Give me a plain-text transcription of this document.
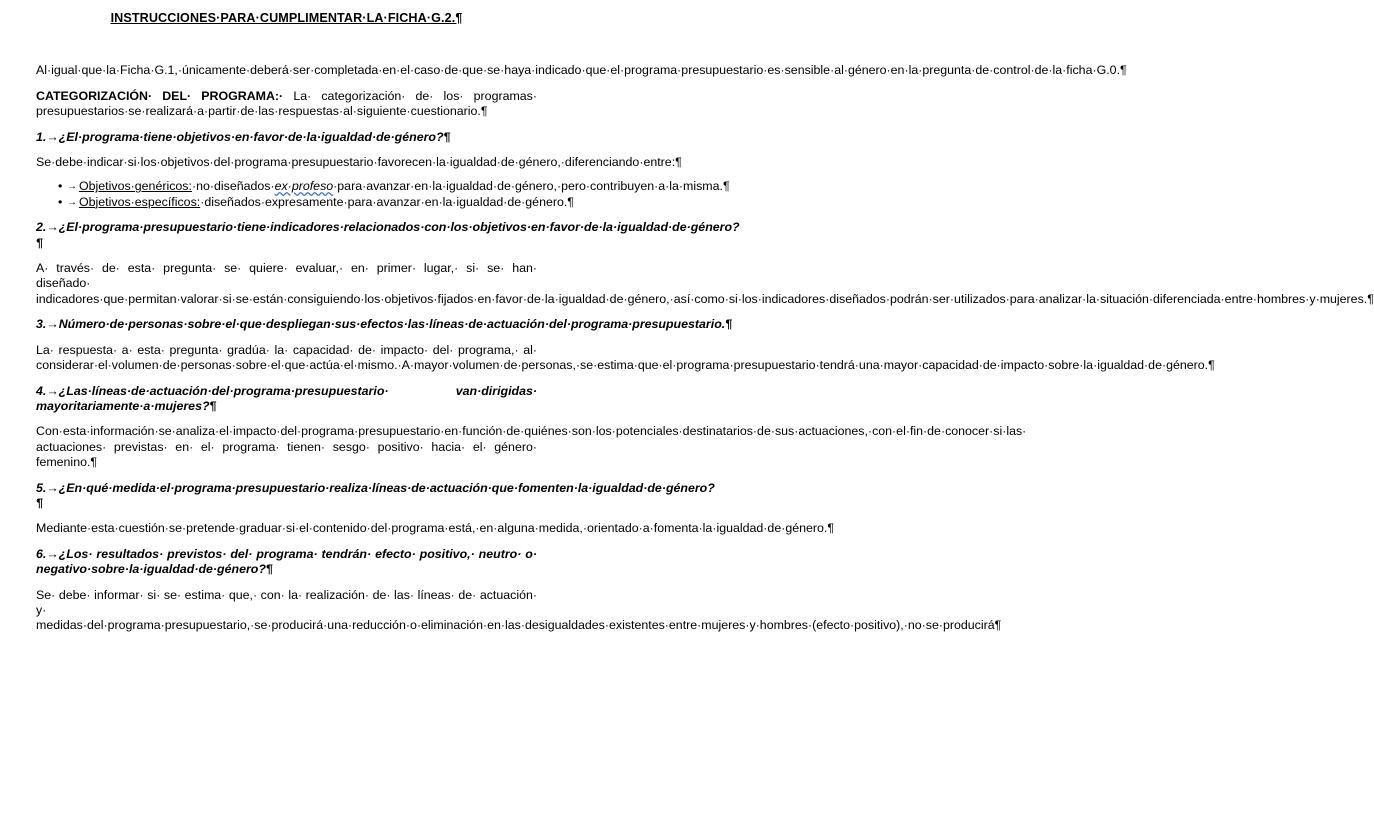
INSTRUCCIONES·PARA·CUMPLIMENTAR·LA·FICHA·G.2.¶

Al·igual·que·la·Ficha·G.1,·únicamente·deberá·ser·completada·en·el·caso·de·que·se·haya·indicado·que·el·programa·presupuestario·es·sensible·al·género·en·la·pregunta·de·control·de·la·ficha·G.0.¶

CATEGORIZACIÓN· DEL· PROGRAMA:· La· categorización· de· los· programas· presupuestarios·se·realizará·a·partir·de·las·respuestas·al·siguiente·cuestionario.¶

1.→¿El·programa·tiene·objetivos·en·favor·de·la·igualdad·de·género?¶

Se·debe·indicar·si·los·objetivos·del·programa·presupuestario·favorecen·la·igualdad·de·género,·diferenciando·entre:¶

• → Objetivos·genéricos:·no·diseñados·ex·profeso·para·avanzar·en·la·igualdad·de·género,·pero·contribuyen·a·la·misma.¶
• → Objetivos·específicos:·diseñados·expresamente·para·avanzar·en·la·igualdad·de·género.¶

2.→¿El·programa·presupuestario·tiene·indicadores·relacionados·con·los·objetivos·en·favor·de·la·igualdad·de·género?¶

A· través· de· esta· pregunta· se· quiere· evaluar,· en· primer· lugar,· si· se· han· diseñado· indicadores·que·permitan·valorar·si·se·están·consiguiendo·los·objetivos·fijados·en·favor·de·la·igualdad·de·género,·así·como·si·los·indicadores·diseñados·podrán·ser·utilizados·para·analizar·la·situación·diferenciada·entre·hombres·y·mujeres.¶

3.→Número·de·personas·sobre·el·que·despliegan·sus·efectos·las·líneas·de·actuación·del·programa·presupuestario.¶

La· respuesta· a· esta· pregunta· gradúa· la· capacidad· de· impacto· del· programa,· al· considerar·el·volumen·de·personas·sobre·el·que·actúa·el·mismo.·A·mayor·volumen·de·personas,·se·estima·que·el·programa·presupuestario·tendrá·una·mayor·capacidad·de·impacto·sobre·la·igualdad·de·género.¶

4.→¿Las·líneas·de·actuación·del·programa·presupuestario· van·dirigidas· mayoritariamente·a·mujeres?¶

Con·esta·información·se·analiza·el·impacto·del·programa·presupuestario·en·función·de·quiénes·son·los·potenciales·destinatarios·de·sus·actuaciones,·con·el·fin·de·conocer·si·las· actuaciones· previstas· en· el· programa· tienen· sesgo· positivo· hacia· el· género· femenino.¶

5.→¿En·qué·medida·el·programa·presupuestario·realiza·líneas·de·actuación·que·fomenten·la·igualdad·de·género?¶

Mediante·esta·cuestión·se·pretende·graduar·si·el·contenido·del·programa·está,·en·alguna·medida,·orientado·a·fomenta·la·igualdad·de·género.¶

6.→¿Los· resultados· previstos· del· programa· tendrán· efecto· positivo,· neutro· o· negativo·sobre·la·igualdad·de·género?¶

Se· debe· informar· si· se· estima· que,· con· la· realización· de· las· líneas· de· actuación· y· medidas·del·programa·presupuestario,·se·producirá·una·reducción·o·eliminación·en·las·desigualdades·existentes·entre·mujeres·y·hombres·(efecto·positivo),·no·se·producirá¶
